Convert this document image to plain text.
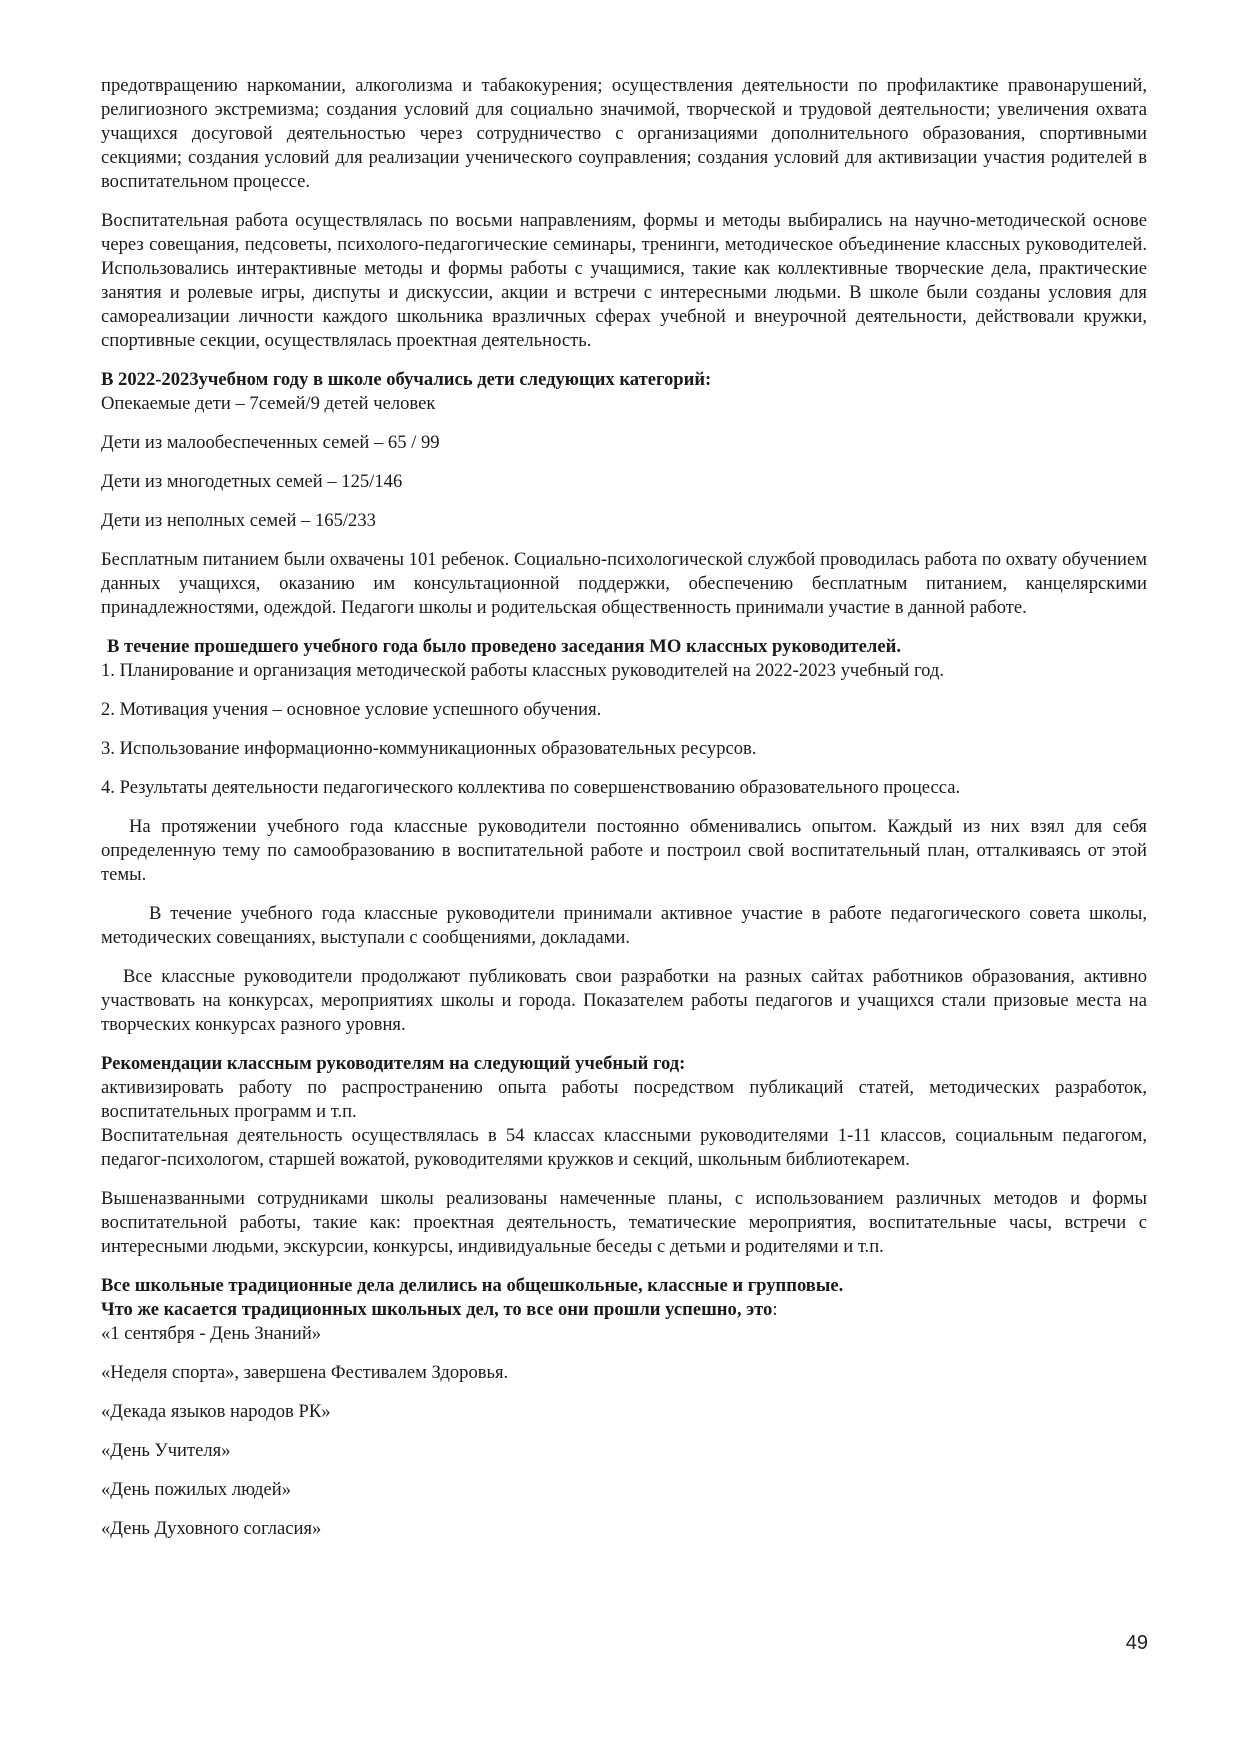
предотвращению наркомании, алкоголизма и табакокурения; осуществления деятельности по профилактике правонарушений, религиозного экстремизма; создания условий для социально значимой, творческой и трудовой деятельности; увеличения охвата учащихся досуговой деятельностью через сотрудничество с организациями дополнительного образования, спортивными секциями; создания условий для реализации ученического соуправления; создания условий для активизации участия родителей в воспитательном процессе.

Воспитательная работа осуществлялась по восьми направлениям, формы и методы выбирались на научно-методической основе через совещания, педсоветы, психолого-педагогические семинары, тренинги, методическое объединение классных руководителей. Использовались интерактивные методы и формы работы с учащимися, такие как коллективные творческие дела, практические занятия и ролевые игры, диспуты и дискуссии, акции и встречи с интересными людьми. В школе были созданы условия для самореализации личности каждого школьника вразличных сферах учебной и внеурочной деятельности, действовали кружки, спортивные секции, осуществлялась проектная деятельность.

В 2022-2023учебном году в школе обучались дети следующих категорий:

Опекаемые дети – 7семей/9 детей человек

Дети из малообеспеченных семей – 65 / 99

Дети из многодетных семей – 125/146

Дети из неполных семей – 165/233

Бесплатным питанием были охвачены 101 ребенок. Социально-психологической службой проводилась работа по охвату обучением данных учащихся, оказанию им консультационной поддержки, обеспечению бесплатным питанием, канцелярскими принадлежностями, одеждой. Педагоги школы и родительская общественность принимали участие в данной работе.

В течение прошедшего учебного года было проведено заседания МО классных руководителей.

1. Планирование и организация методической работы классных руководителей на 2022-2023 учебный год.

2. Мотивация учения – основное условие успешного обучения.

3. Использование информационно-коммуникационных образовательных ресурсов.

4. Результаты деятельности педагогического коллектива по совершенствованию образовательного процесса.

На протяжении учебного года классные руководители постоянно обменивались опытом. Каждый из них взял для себя определенную тему по самообразованию в воспитательной работе и построил свой воспитательный план, отталкиваясь от этой темы.

В течение учебного года классные руководители принимали активное участие в работе педагогического совета школы, методических совещаниях, выступали с сообщениями, докладами.

Все классные руководители продолжают публиковать свои разработки на разных сайтах работников образования, активно участвовать на конкурсах, мероприятиях школы и города. Показателем работы педагогов и учащихся стали призовые места на творческих конкурсах разного уровня.

Рекомендации классным руководителям на следующий учебный год:

активизировать работу по распространению опыта работы посредством публикаций статей, методических разработок, воспитательных программ и т.п.

Воспитательная деятельность осуществлялась в 54 классах классными руководителями 1-11 классов, социальным педагогом, педагог-психологом, старшей вожатой, руководителями кружков и секций, школьным библиотекарем.

Вышеназванными сотрудниками школы реализованы намеченные планы, с использованием различных методов и формы воспитательной работы, такие как: проектная деятельность, тематические мероприятия, воспитательные часы, встречи с интересными людьми, экскурсии, конкурсы, индивидуальные беседы с детьми и родителями и т.п.

Все школьные традиционные дела делились на общешкольные, классные и групповые.

Что же касается традиционных школьных дел, то все они прошли успешно, это:

«1 сентября - День Знаний»

«Неделя спорта», завершена Фестивалем Здоровья.

«Декада языков народов РК»

«День Учителя»

«День пожилых людей»

«День Духовного согласия»

49
